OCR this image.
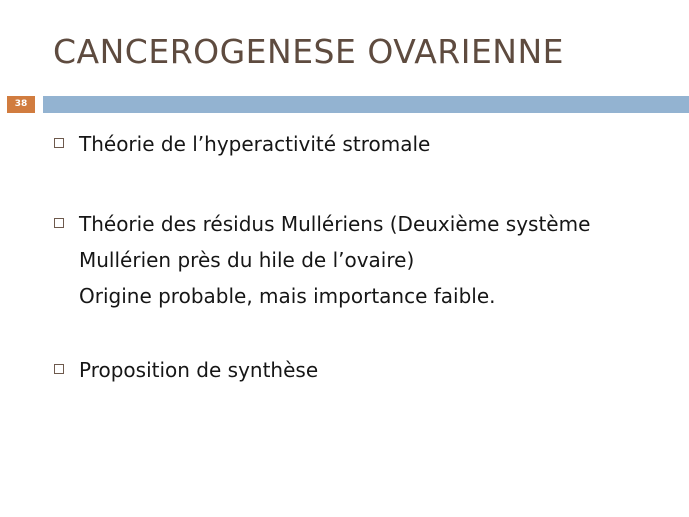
CANCEROGENESE OVARIENNE
38
Théorie de l’hyperactivité stromale
Théorie des résidus Mullériens (Deuxième système
Mullérien près du hile de l’ovaire)
Origine probable, mais importance faible.
Proposition de synthèse
